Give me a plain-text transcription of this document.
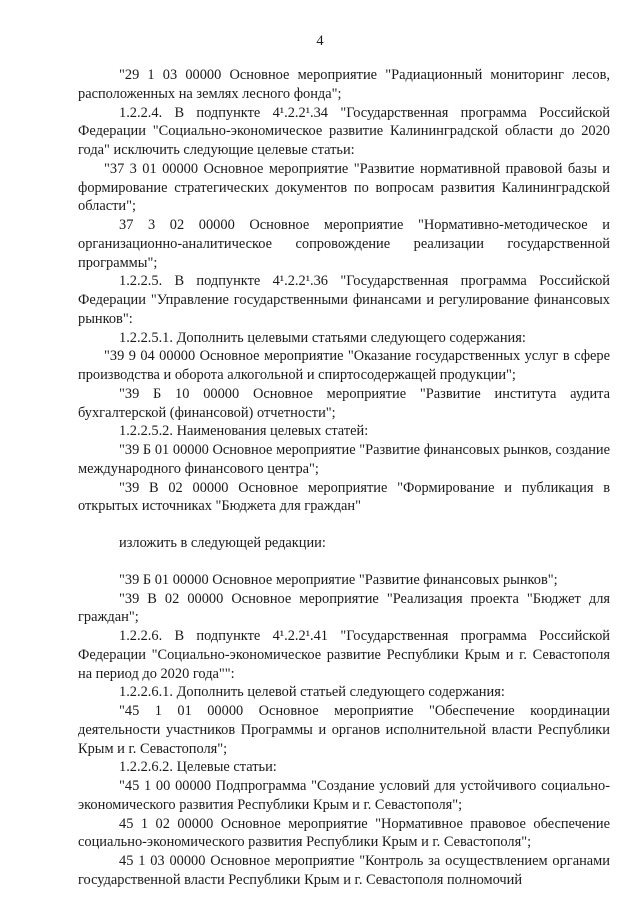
4

"29 1 03 00000 Основное мероприятие "Радиационный мониторинг лесов, расположенных на землях лесного фонда";

1.2.2.4. В подпункте 4¹.2.2¹.34 "Государственная программа Российской Федерации "Социально-экономическое развитие Калининградской области до 2020 года" исключить следующие целевые статьи:

"37 3 01 00000 Основное мероприятие "Развитие нормативной правовой базы и формирование стратегических документов по вопросам развития Калининградской области";

37 3 02 00000 Основное мероприятие "Нормативно-методическое и организационно-аналитическое сопровождение реализации государственной программы";

1.2.2.5. В подпункте 4¹.2.2¹.36 "Государственная программа Российской Федерации "Управление государственными финансами и регулирование финансовых рынков":

1.2.2.5.1. Дополнить целевыми статьями следующего содержания:

"39 9 04 00000 Основное мероприятие "Оказание государственных услуг в сфере производства и оборота алкогольной и спиртосодержащей продукции";

"39 Б 10 00000 Основное мероприятие "Развитие института аудита бухгалтерской (финансовой) отчетности";

1.2.2.5.2. Наименования целевых статей:

"39 Б 01 00000 Основное мероприятие "Развитие финансовых рынков, создание международного финансового центра";

"39 В 02 00000 Основное мероприятие "Формирование и публикация в открытых источниках "Бюджета для граждан"

изложить в следующей редакции:

"39 Б 01 00000 Основное мероприятие "Развитие финансовых рынков";

"39 В 02 00000 Основное мероприятие "Реализация проекта "Бюджет для граждан";

1.2.2.6. В подпункте 4¹.2.2¹.41 "Государственная программа Российской Федерации "Социально-экономическое развитие Республики Крым и г. Севастополя на период до 2020 года"":

1.2.2.6.1. Дополнить целевой статьей следующего содержания:

"45 1 01 00000 Основное мероприятие "Обеспечение координации деятельности участников Программы и органов исполнительной власти Республики Крым и г. Севастополя";

1.2.2.6.2. Целевые статьи:

"45 1 00 00000 Подпрограмма "Создание условий для устойчивого социально-экономического развития Республики Крым и г. Севастополя";

45 1 02 00000 Основное мероприятие "Нормативное правовое обеспечение социально-экономического развития Республики Крым и г. Севастополя";

45 1 03 00000 Основное мероприятие "Контроль за осуществлением органами государственной власти Республики Крым и г. Севастополя полномочий
